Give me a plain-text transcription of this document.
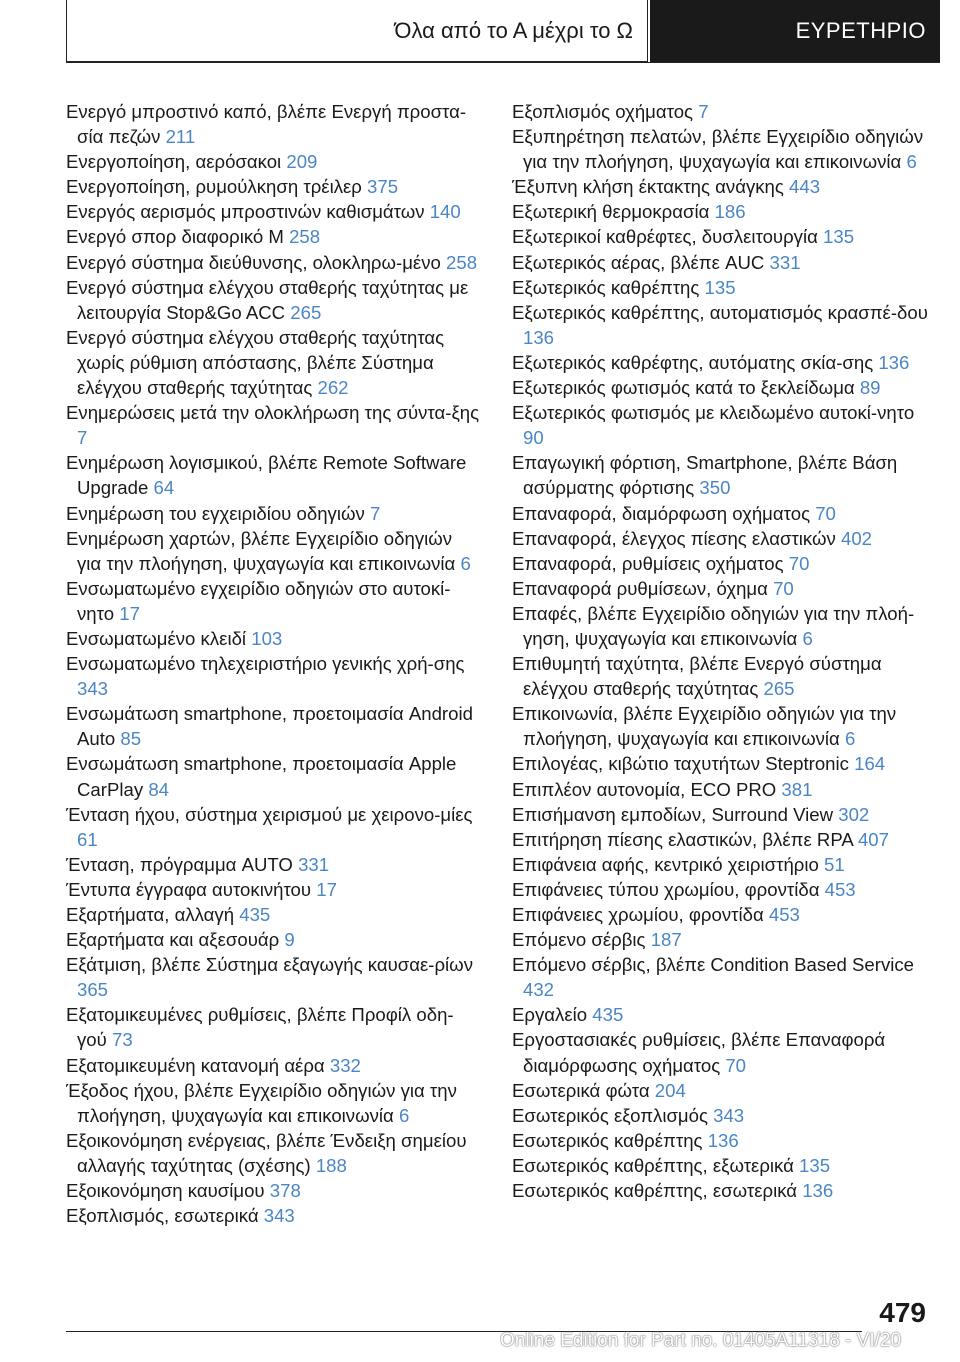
Όλα από το Α μέχρι το Ω	ΕΥΡΕΤΗΡΙΟ

Ενεργό μπροστινό καπό, βλέπε Ενεργή προστα-σία πεζών 211

Ενεργοποίηση, αερόσακοι 209

Ενεργοποίηση, ρυμούλκηση τρέιλερ 375

Ενεργός αερισμός μπροστινών καθισμάτων 140

Ενεργό σπορ διαφορικό M 258

Ενεργό σύστημα διεύθυνσης, ολοκληρω-μένο 258

Ενεργό σύστημα ελέγχου σταθερής ταχύτητας με λειτουργία Stop&Go ACC 265

Ενεργό σύστημα ελέγχου σταθερής ταχύτητας χωρίς ρύθμιση απόστασης, βλέπε Σύστημα ελέγχου σταθερής ταχύτητας 262

Ενημερώσεις μετά την ολοκλήρωση της σύντα-ξης 7

Ενημέρωση λογισμικού, βλέπε Remote Software Upgrade 64

Ενημέρωση του εγχειριδίου οδηγιών 7

Ενημέρωση χαρτών, βλέπε Εγχειρίδιο οδηγιών για την πλοήγηση, ψυχαγωγία και επικοινωνία 6

Ενσωματωμένο εγχειρίδιο οδηγιών στο αυτοκί-νητο 17

Ενσωματωμένο κλειδί 103

Ενσωματωμένο τηλεχειριστήριο γενικής χρή-σης 343

Ενσωμάτωση smartphone, προετοιμασία Android Auto 85

Ενσωμάτωση smartphone, προετοιμασία Apple CarPlay 84

Ένταση ήχου, σύστημα χειρισμού με χειρονο-μίες 61

Ένταση, πρόγραμμα AUTO 331

Έντυπα έγγραφα αυτοκινήτου 17

Εξαρτήματα, αλλαγή 435

Εξαρτήματα και αξεσουάρ 9

Εξάτμιση, βλέπε Σύστημα εξαγωγής καυσαε-ρίων 365

Εξατομικευμένες ρυθμίσεις, βλέπε Προφίλ οδη-γού 73

Εξατομικευμένη κατανομή αέρα 332

Έξοδος ήχου, βλέπε Εγχειρίδιο οδηγιών για την πλοήγηση, ψυχαγωγία και επικοινωνία 6

Εξοικονόμηση ενέργειας, βλέπε Ένδειξη σημείου αλλαγής ταχύτητας (σχέσης) 188

Εξοικονόμηση καυσίμου 378

Εξοπλισμός, εσωτερικά 343

Εξοπλισμός οχήματος 7

Εξυπηρέτηση πελατών, βλέπε Εγχειρίδιο οδηγιών για την πλοήγηση, ψυχαγωγία και επικοινωνία 6

Έξυπνη κλήση έκτακτης ανάγκης 443

Εξωτερική θερμοκρασία 186

Εξωτερικοί καθρέφτες, δυσλειτουργία 135

Εξωτερικός αέρας, βλέπε AUC 331

Εξωτερικός καθρέπτης 135

Εξωτερικός καθρέπτης, αυτοματισμός κρασπέ-δου 136

Εξωτερικός καθρέφτης, αυτόματης σκία-σης 136

Εξωτερικός φωτισμός κατά το ξεκλείδωμα 89

Εξωτερικός φωτισμός με κλειδωμένο αυτοκί-νητο 90

Επαγωγική φόρτιση, Smartphone, βλέπε Βάση ασύρματης φόρτισης 350

Επαναφορά, διαμόρφωση οχήματος 70

Επαναφορά, έλεγχος πίεσης ελαστικών 402

Επαναφορά, ρυθμίσεις οχήματος 70

Επαναφορά ρυθμίσεων, όχημα 70

Επαφές, βλέπε Εγχειρίδιο οδηγιών για την πλοή-γηση, ψυχαγωγία και επικοινωνία 6

Επιθυμητή ταχύτητα, βλέπε Ενεργό σύστημα ελέγχου σταθερής ταχύτητας 265

Επικοινωνία, βλέπε Εγχειρίδιο οδηγιών για την πλοήγηση, ψυχαγωγία και επικοινωνία 6

Επιλογέας, κιβώτιο ταχυτήτων Steptronic 164

Επιπλέον αυτονομία, ECO PRO 381

Επισήμανση εμποδίων, Surround View 302

Επιτήρηση πίεσης ελαστικών, βλέπε RPA 407

Επιφάνεια αφής, κεντρικό χειριστήριο 51

Επιφάνειες τύπου χρωμίου, φροντίδα 453

Επιφάνειες χρωμίου, φροντίδα 453

Επόμενο σέρβις 187

Επόμενο σέρβις, βλέπε Condition Based Service 432

Εργαλείο 435

Εργοστασιακές ρυθμίσεις, βλέπε Επαναφορά διαμόρφωσης οχήματος 70

Εσωτερικά φώτα 204

Εσωτερικός εξοπλισμός 343

Εσωτερικός καθρέπτης 136

Εσωτερικός καθρέπτης, εξωτερικά 135

Εσωτερικός καθρέπτης, εσωτερικά 136

479
Online Edition for Part no. 01405A11318 - VI/20
